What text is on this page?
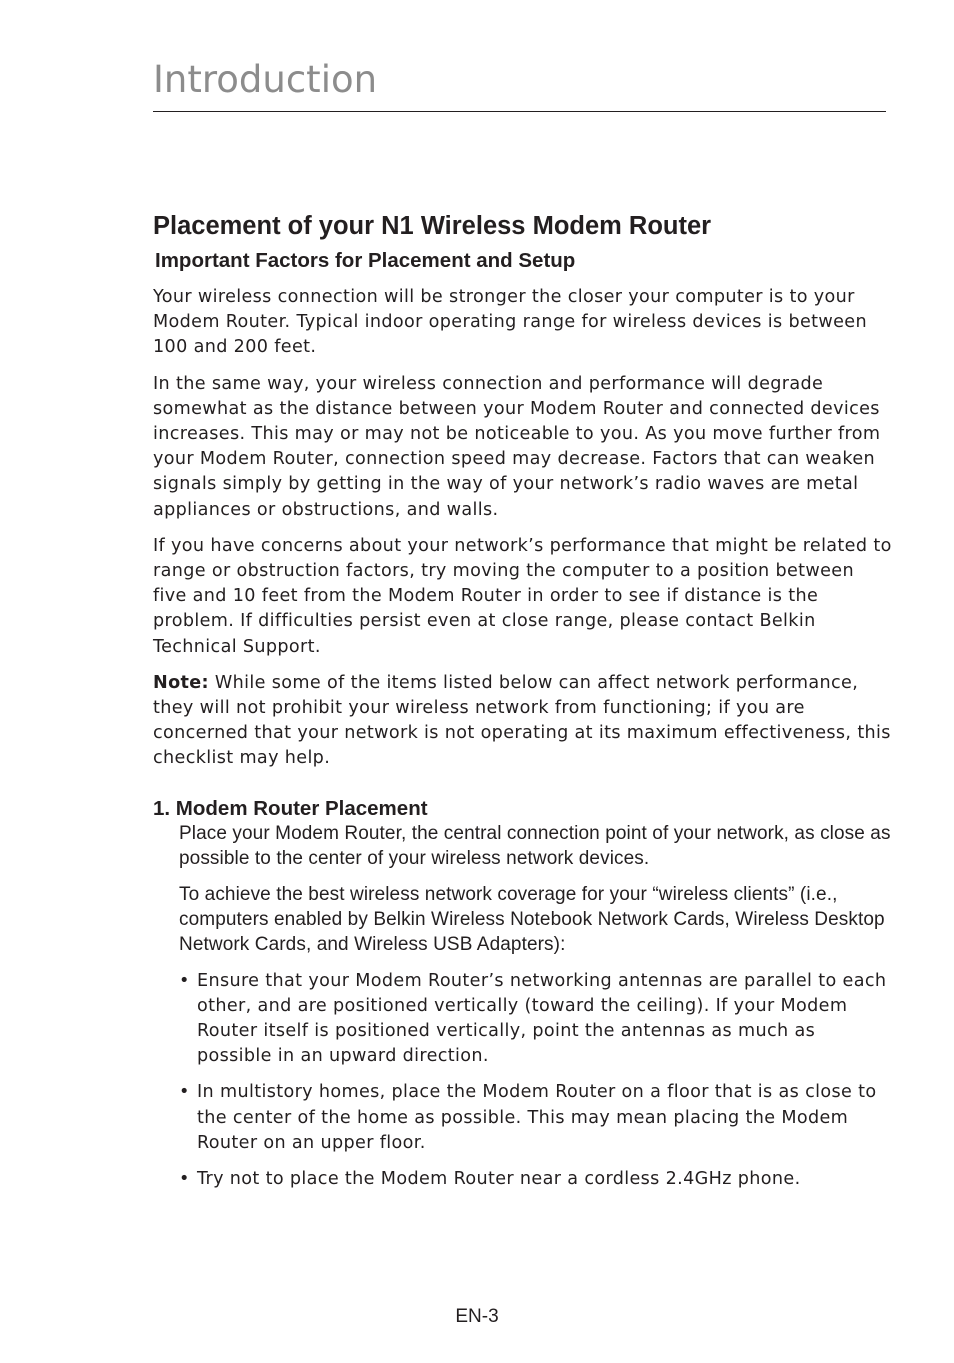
Introduction
Placement of your N1 Wireless Modem Router
Important Factors for Placement and Setup

Your wireless connection will be stronger the closer your computer is to your Modem Router. Typical indoor operating range for wireless devices is between 100 and 200 feet.

In the same way, your wireless connection and performance will degrade somewhat as the distance between your Modem Router and connected devices increases. This may or may not be noticeable to you. As you move further from your Modem Router, connection speed may decrease. Factors that can weaken signals simply by getting in the way of your network’s radio waves are metal appliances or obstructions, and walls.

If you have concerns about your network’s performance that might be related to range or obstruction factors, try moving the computer to a position between five and 10 feet from the Modem Router in order to see if distance is the problem. If difficulties persist even at close range, please contact Belkin Technical Support.

Note: While some of the items listed below can affect network performance, they will not prohibit your wireless network from functioning; if you are concerned that your network is not operating at its maximum effectiveness, this checklist may help.

1. Modem Router Placement

Place your Modem Router, the central connection point of your network, as close as possible to the center of your wireless network devices.

To achieve the best wireless network coverage for your “wireless clients” (i.e., computers enabled by Belkin Wireless Notebook Network Cards, Wireless Desktop Network Cards, and Wireless USB Adapters):

• Ensure that your Modem Router’s networking antennas are parallel to each other, and are positioned vertically (toward the ceiling). If your Modem Router itself is positioned vertically, point the antennas as much as possible in an upward direction.
• In multistory homes, place the Modem Router on a floor that is as close to the center of the home as possible. This may mean placing the Modem Router on an upper floor.
• Try not to place the Modem Router near a cordless 2.4GHz phone.
EN-3
